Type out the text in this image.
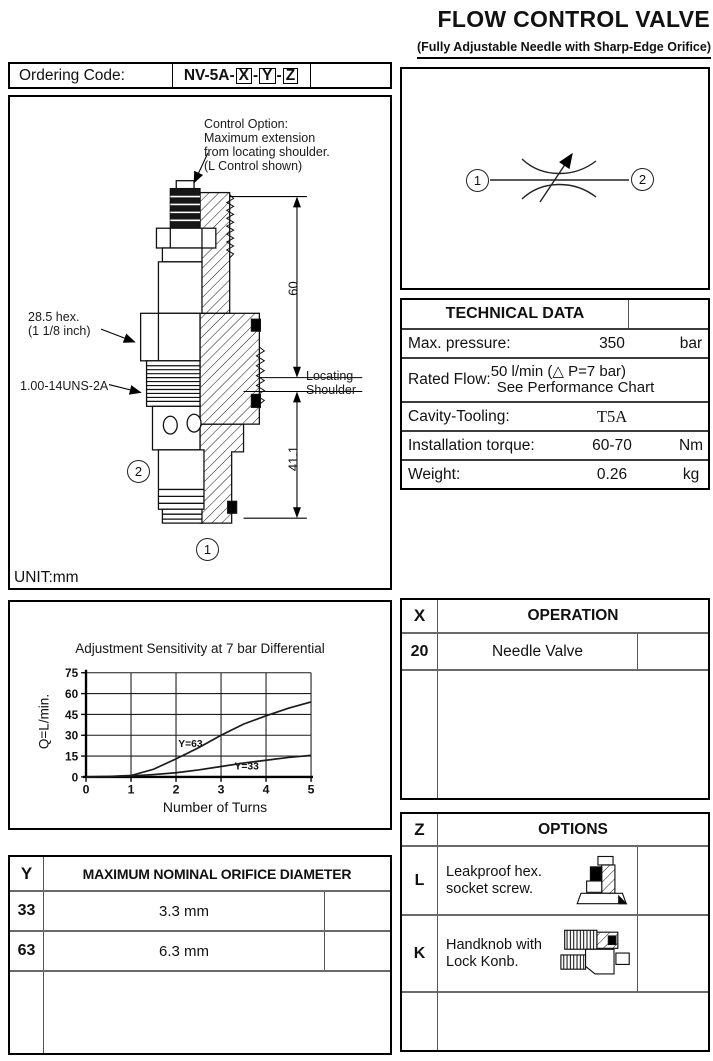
FLOW CONTROL VALVE
(Fully Adjustable Needle with Sharp-Edge Orifice)
Ordering Code:	NV-5A- X - Y - Z
Control Option:
Maximum extension
from locating shoulder.
(L Control shown)
28.5 hex.
(1 1/8 inch)
1.00-14UNS-2A
Locating
Shoulder
60
41.1
2
1
UNIT:mm
1	2
TECHNICAL DATA
Max. pressure:	350	bar
Rated Flow:
50 l/min (△ P=7 bar)
See Performance Chart
Cavity-Tooling:	T5A
Installation torque:	60-70	Nm
Weight:	0.26	kg
Adjustment Sensitivity at 7 bar Differential
Q=L/min.
0
15
30
45
60
75
0	1	2	3	4	5
Y=63
Y=33
Number of Turns
X	OPERATION
20	Needle Valve
Y	MAXIMUM NOMINAL ORIFICE DIAMETER
33	3.3 mm
63	6.3 mm
Z	OPTIONS
L	Leakproof hex.
socket screw.
K	Handknob with
Lock Konb.
